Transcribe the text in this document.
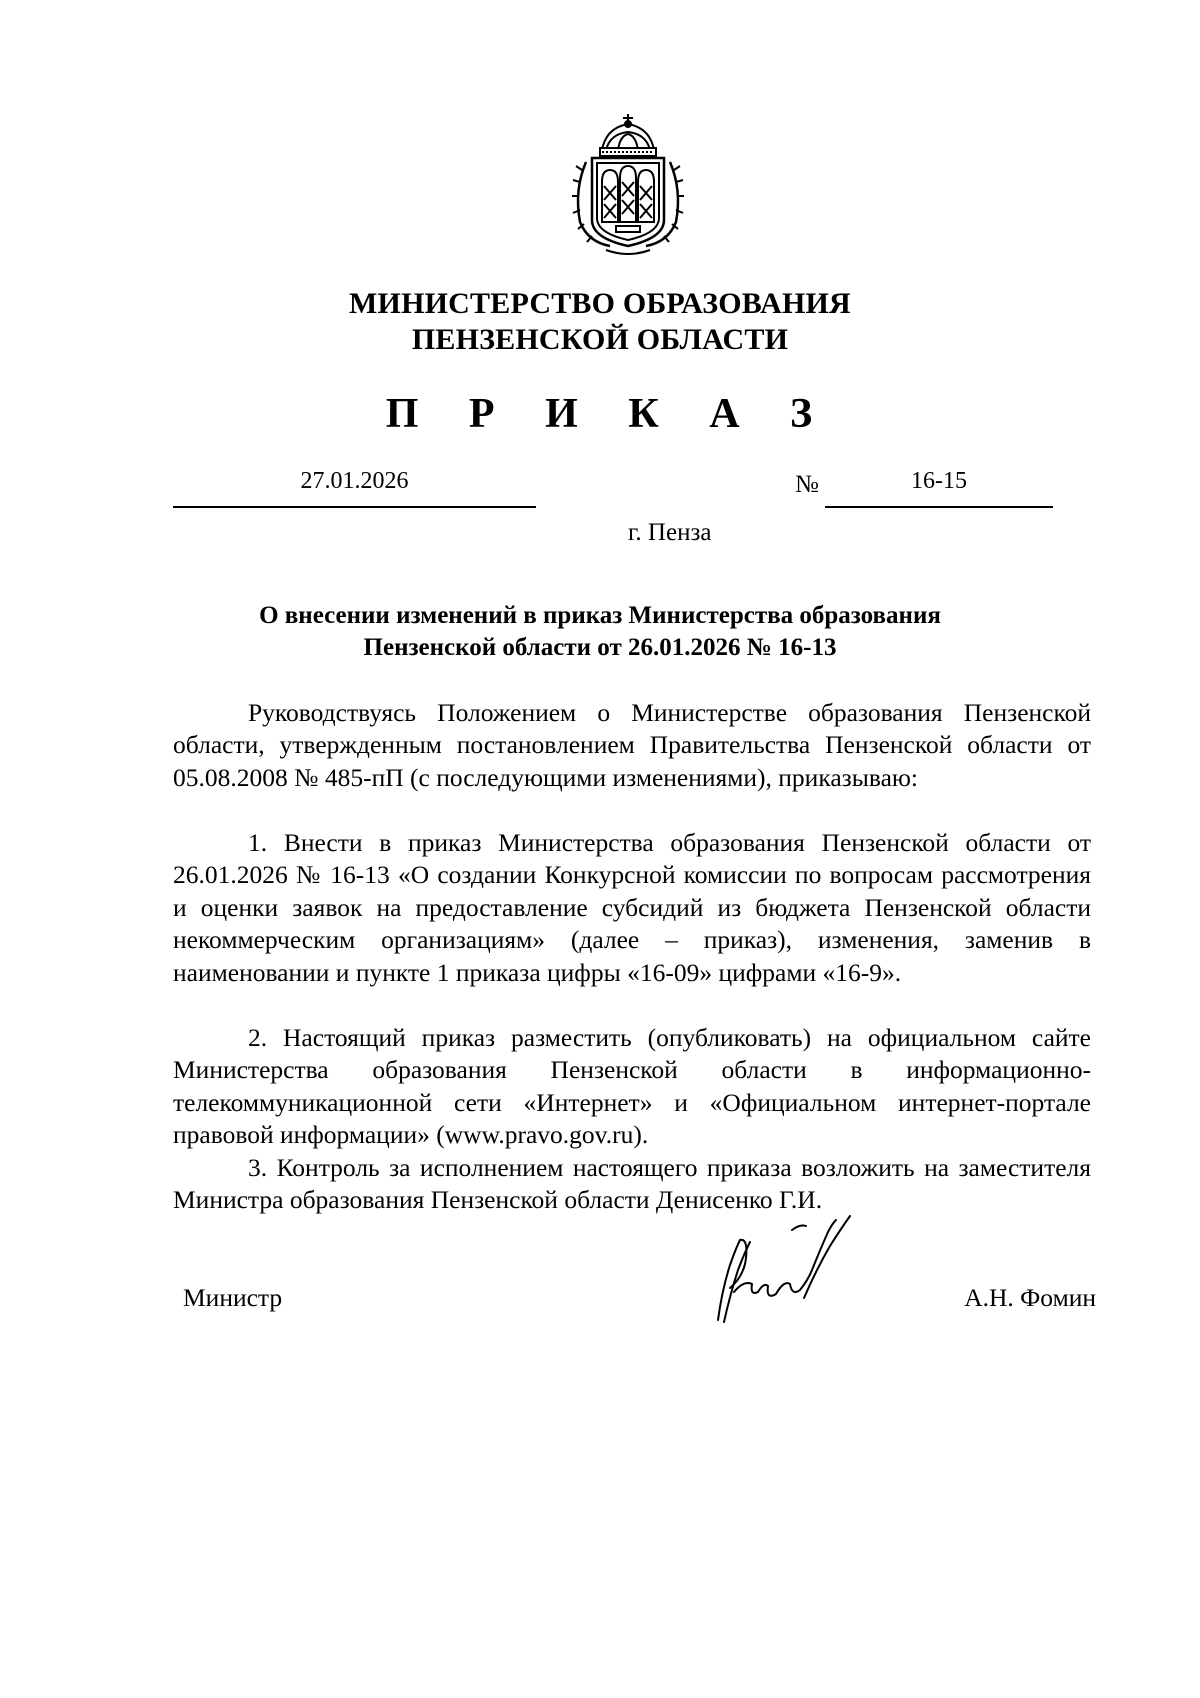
МИНИСТЕРСТВО ОБРАЗОВАНИЯ
ПЕНЗЕНСКОЙ ОБЛАСТИ
П Р И К А З
27.01.2026	№	16-15
г. Пенза
О внесении изменений в приказ Министерства образования
Пензенской области от 26.01.2026 № 16-13

Руководствуясь Положением о Министерстве образования Пензенской области, утвержденным постановлением Правительства Пензенской области от 05.08.2008 № 485-пП (с последующими изменениями), приказываю:

1. Внести в приказ Министерства образования Пензенской области от 26.01.2026 № 16-13 «О создании Конкурсной комиссии по вопросам рассмотрения и оценки заявок на предоставление субсидий из бюджета Пензенской области некоммерческим организациям» (далее – приказ), изменения, заменив в наименовании и пункте 1 приказа цифры «16-09» цифрами «16-9».

2. Настоящий приказ разместить (опубликовать) на официальном сайте Министерства образования Пензенской области в информационно-телекоммуникационной сети «Интернет» и «Официальном интернет-портале правовой информации» (www.pravo.gov.ru).

3. Контроль за исполнением настоящего приказа возложить на заместителя Министра образования Пензенской области Денисенко Г.И.

Министр	А.Н. Фомин
